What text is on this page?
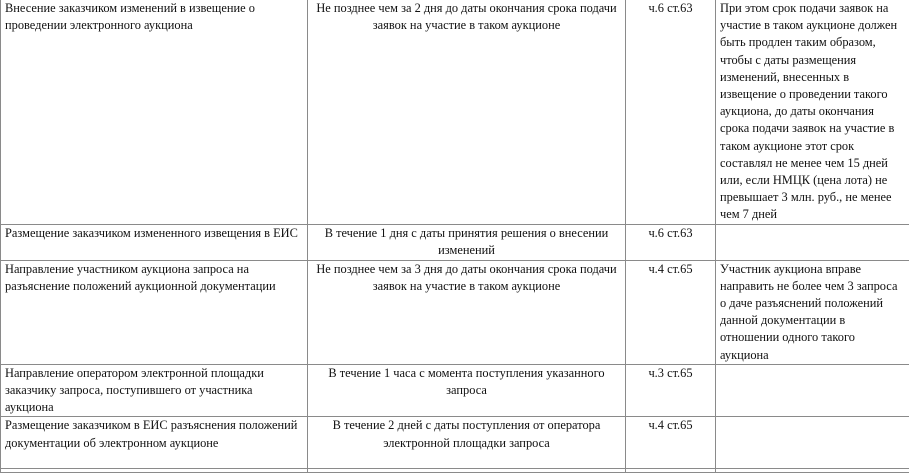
Внесение заказчиком изменений в извещение о проведении электронного аукциона	Не позднее чем за 2 дня до даты окончания срока подачи заявок на участие в таком аукционе	ч.6 ст.63	При этом срок подачи заявок на участие в таком аукционе должен быть продлен таким образом, чтобы с даты размещения изменений, внесенных в извещение о проведении такого аукциона, до даты окончания срока подачи заявок на участие в таком аукционе этот срок составлял не менее чем 15 дней или, если НМЦК (цена лота) не превышает 3 млн. руб., не менее чем 7 дней
Размещение заказчиком измененного извещения в ЕИС	В течение 1 дня с даты принятия решения о внесении изменений	ч.6 ст.63	
Направление участником аукциона запроса на разъяснение положений аукционной документации	Не позднее чем за 3 дня до даты окончания срока подачи заявок на участие в таком аукционе	ч.4 ст.65	Участник аукциона вправе направить не более чем 3 запроса о даче разъяснений положений данной документации в отношении одного такого аукциона
Направление оператором электронной площадки заказчику запроса, поступившего от участника аукциона	В течение 1 часа с момента поступления указанного запроса	ч.3 ст.65	
Размещение заказчиком в ЕИС разъяснения положений документации об электронном аукционе	В течение 2 дней с даты поступления от оператора электронной площадки запроса	ч.4 ст.65	
